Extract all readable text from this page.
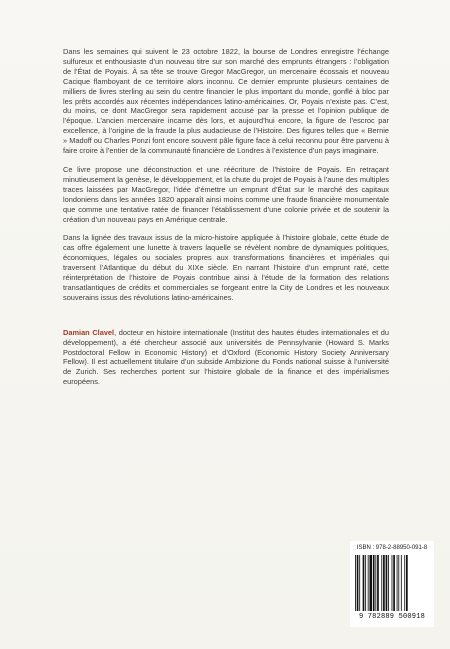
Dans les semaines qui suivent le 23 octobre 1822, la bourse de Londres enregistre l’échange sulfureux et enthousiaste d’un nouveau titre sur son marché des emprunts étrangers : l’obligation de l’État de Poyais. À sa tête se trouve Gregor MacGregor, un mercenaire écossais et nouveau Cacique flamboyant de ce territoire alors inconnu. Ce dernier emprunte plusieurs centaines de milliers de livres sterling au sein du centre financier le plus important du monde, gonflé à bloc par les prêts accordés aux récentes indépendances latino-américaines. Or, Poyais n’existe pas. C’est, du moins, ce dont MacGregor sera rapidement accusé par la presse et l’opinion publique de l’époque. L’ancien mercenaire incarne dès lors, et aujourd’hui encore, la figure de l’escroc par excellence, à l’origine de la fraude la plus audacieuse de l’Histoire. Des figures telles que « Bernie » Madoff ou Charles Ponzi font encore souvent pâle figure face à celui reconnu pour être parvenu à faire croire à l’entier de la communauté financière de Londres à l’existence d’un pays imaginaire.

Ce livre propose une déconstruction et une réécriture de l’histoire de Poyais. En retraçant minutieusement la genèse, le développement, et la chute du projet de Poyais à l’aune des multiples traces laissées par MacGregor, l’idée d’émettre un emprunt d’État sur le marché des capitaux londoniens dans les années 1820 apparaît ainsi moins comme une fraude financière monumentale que comme une tentative ratée de financer l’établissement d’une colonie privée et de soutenir la création d’un nouveau pays en Amérique centrale.

Dans la lignée des travaux issus de la micro-histoire appliquée à l’histoire globale, cette étude de cas offre également une lunette à travers laquelle se révèlent nombre de dynamiques politiques, économiques, légales ou sociales propres aux transformations financières et impériales qui traversent l’Atlantique du début du XIXe siècle. En narrant l’histoire d’un emprunt raté, cette réinterprétation de l’histoire de Poyais contribue ainsi à l’étude de la formation des relations transatlantiques de crédits et commerciales se forgeant entre la City de Londres et les nouveaux souverains issus des révolutions latino-américaines.

Damian Clavel, docteur en histoire internationale (Institut des hautes études internationales et du développement), a été chercheur associé aux universités de Pennsylvanie (Howard S. Marks Postdoctoral Fellow in Economic History) et d’Oxford (Economic History Society Anniversary Fellow). Il est actuellement titulaire d’un subside Ambizione du Fonds national suisse à l’université de Zurich. Ses recherches portent sur l’histoire globale de la finance et des impérialismes européens.

ISBN : 978-2-88950-091-8
9 782889 500918
